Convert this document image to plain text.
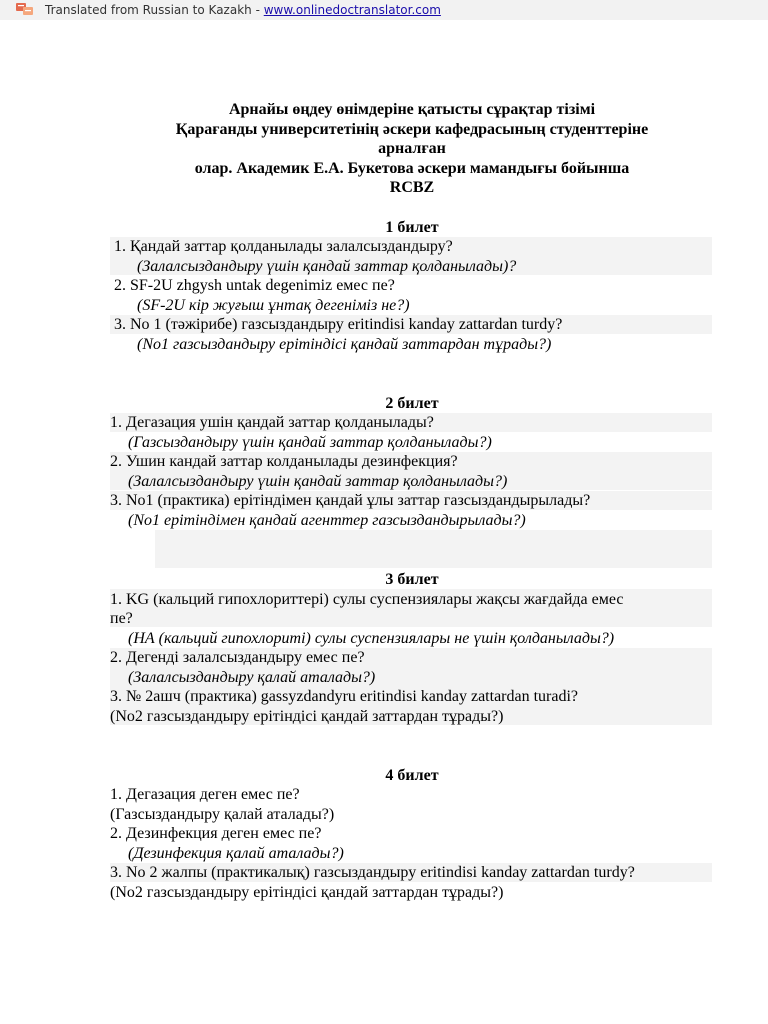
Translated from Russian to Kazakh - www.onlinedoctranslator.com
Арнайы өңдеу өнімдеріне қатысты сұрақтар тізімі
Қарағанды университетінің әскери кафедрасының студенттеріне
арналған
олар. Академик Е.А. Букетова әскери мамандығы бойынша
RCBZ
1 билет
1. Қандай заттар қолданылады залалсыздандыру?
(Залалсыздандыру үшін қандай заттар қолданылады)?
2. SF-2U zhgysh untak degenimiz емес пе?
(SF-2U кір жуғыш ұнтақ дегеніміз не?)
3. No 1 (тәжірибе) газсыздандыру eritindisi kanday zattardan turdy?
(No1 газсыздандыру ерітіндісі қандай заттардан тұрады?)
2 билет
1. Дегазация ушін қандай заттар қолданылады?
(Газсыздандыру үшін қандай заттар қолданылады?)
2. Ушин кандай заттар колданылады дезинфекция?
(Залалсыздандыру үшін қандай заттар қолданылады?)
3. No1 (практика) ерітіндімен қандай ұлы заттар газсыздандырылады?
(No1 ерітіндімен қандай агенттер газсыздандырылады?)
3 билет
1. KG (кальций гипохлориттері) сулы суспензиялары жақсы жағдайда емес
пе?
(НА (кальций гипохлориті) сулы суспензиялары не үшін қолданылады?)
2. Дегенді залалсыздандыру емес пе?
(Залалсыздандыру қалай аталады?)
3. № 2ашч (практика) gassyzdandyru eritindisi kanday zattardan turadi?
(No2 газсыздандыру ерітіндісі қандай заттардан тұрады?)
4 билет
1. Дегазация деген емес пе?
(Газсыздандыру қалай аталады?)
2. Дезинфекция деген емес пе?
(Дезинфекция қалай аталады?)
3. No 2 жалпы (практикалық) газсыздандыру eritindisi kanday zattardan turdy?
(No2 газсыздандыру ерітіндісі қандай заттардан тұрады?)
